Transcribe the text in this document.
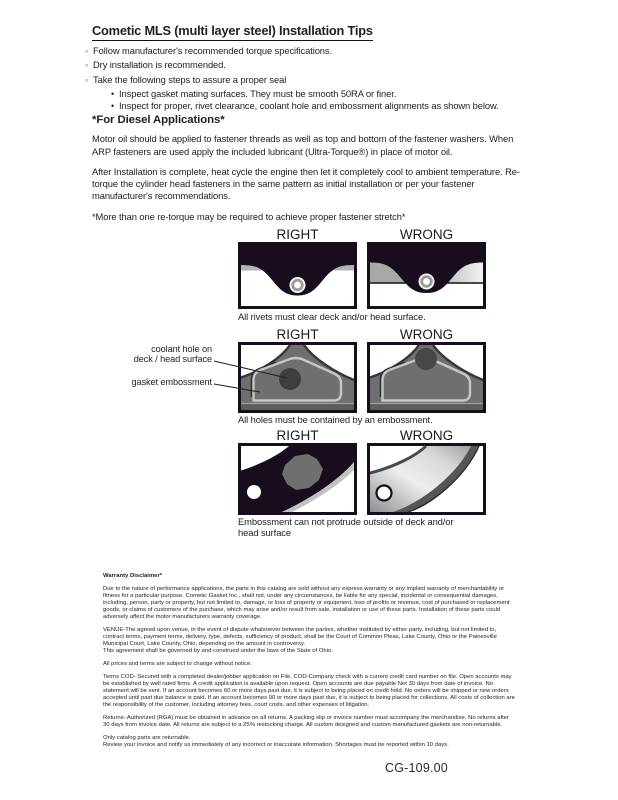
Cometic MLS (multi layer steel) Installation Tips
○
Follow manufacturer's recommended torque specifications.
○
Dry installation is recommended.
○
Take the following steps to assure a proper seal
•
Inspect gasket mating surfaces. They must be smooth 50RA or finer.
•
Inspect for proper, rivet clearance, coolant hole and embossment alignments as shown below.
*For Diesel Applications*

Motor oil should be applied to fastener threads as well as top and bottom of the fastener washers. When ARP fasteners are used apply the included lubricant (Ultra-Torque®) in place of motor oil.

After Installation is complete, heat cycle the engine then let it completely cool to ambient temperature. Re-torque the cylinder head fasteners in the same pattern as initial installation or per your fastener manufacturer's recommendations.

*More than one re-torque may be required to achieve proper fastener stretch*

RIGHT	WRONG
All rivets must clear deck and/or head surface.
RIGHT	WRONG
coolant hole on
deck / head surface
gasket embossment
All holes must be contained by an embossment.
RIGHT	WRONG
Embossment can not protrude outside of deck and/or head surface

Warranty Disclaimer*

Due to the nature of performance applications, the parts in this catalog are sold without any express warranty or any implied warranty of merchantability or fitness for a particular purpose. Cometic Gasket Inc., shall not, under any circumstances, be liable for any special, incidental or consequential damages, including, person, party or property, but not limited to, damage, or loss of property or equipment, loss of profits or revenue, cost of purchased or replacement goods, or claims of customers of the purchase, which may arise and/or result from sale, installation or use of these parts. Installation of these parts could adversely affect the motor manufacturers warranty coverage.

VENUE-The agreed upon venue, in the event of dispute whatsoever between the parties, whether instituted by either party, including, but not limited to, contract terms, payment terms, delivery, type, defects, sufficiency of product, shall be the Court of Common Pleas, Lake County, Ohio or the Painesville Municipal Court, Lake County, Ohio, depending on the amount in controversy.
This agreement shall be governed by and construed under the laws of the State of Ohio.

All prices and terms are subject to change without notice.

Terms COD- Secured with a completed dealer/jobber application on File, COD-Company check with a current credit card number on file. Open accounts may be established by well rated firms. A credit application is available upon request. Open accounts are due payable Net 30 days from date of invoice. No statement will be sent. If an account becomes 60 or more days past due, it is subject to being placed on credit hold. No orders will be shipped or new orders accepted until past due balance is paid. If an account becomes 90 or more days past due, it is subject to being placed for collections. All costs of collection are the responsibility of the customer, including attorney fees, court costs, and other expenses of litigation.

Returns- Authorized (RGA) must be obtained in advance on all returns. A packing slip or invoice number must accompany the merchandise. No returns after 30 days from invoice date. All returns are subject to a 25% restocking charge. All custom designed and custom manufactured gaskets are non-returnable.

Only catalog parts are returnable.
Review your invoice and notify us immediately of any incorrect or inaccurate information. Shortages must be reported within 10 days.

CG-109.00
